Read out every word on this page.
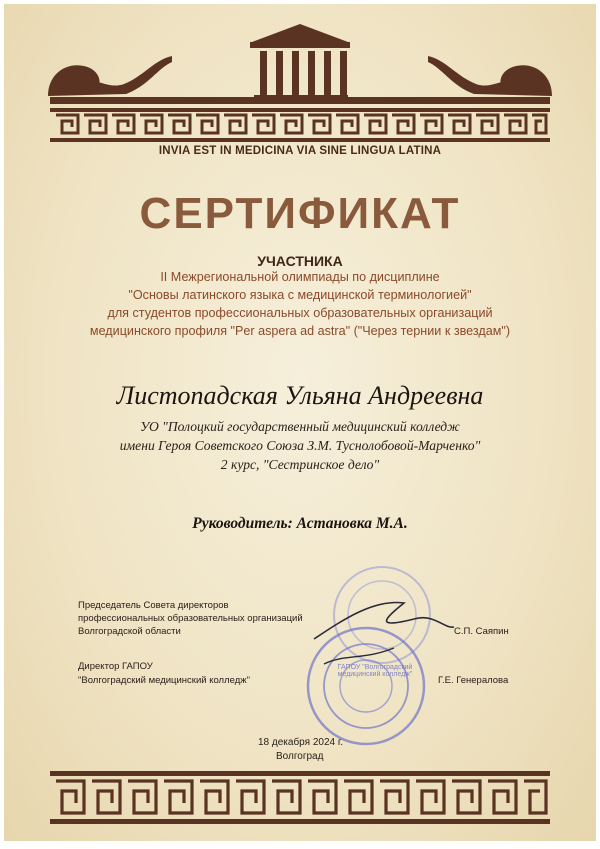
INVIA EST IN MEDICINA VIA SINE LINGUA LATINA
СЕРТИФИКАТ
УЧАСТНИКА
II Межрегиональной олимпиады по дисциплине
"Основы латинского языка с медицинской терминологией"
для студентов профессиональных образовательных организаций
медицинского профиля "Per aspera ad astra" ("Через тернии к звездам")
Листопадская Ульяна Андреевна
УО "Полоцкий государственный медицинский колледж
имени Героя Советского Союза З.М. Туснолобовой-Марченко"
2 курс, "Сестринское дело"
Руководитель: Астановка М.А.
ГАПОУ "Волгоградский медицинский колледж"
Председатель Совета директоров
профессиональных образовательных организаций
Волгоградской области	С.П. Саяпин
Директор ГАПОУ
"Волгоградский медицинский колледж"	Г.Е. Генералова
18 декабря 2024 г.
Волгоград
